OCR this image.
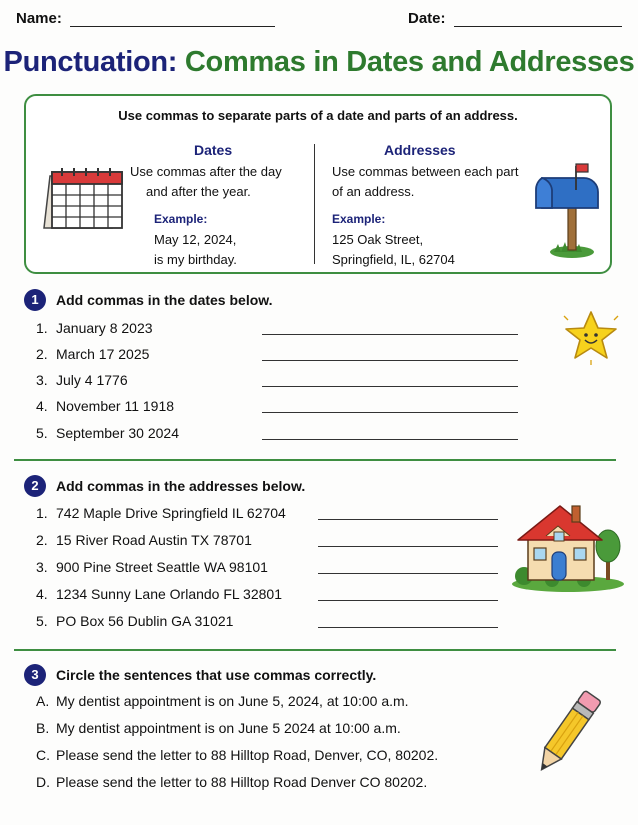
Name:	Date:
Punctuation: Commas in Dates and Addresses
Use commas to separate parts of a date and parts of an address.
Dates
Use commas after the day
and after the year.
Example:
May 12, 2024,
is my birthday.
Addresses
Use commas between each part
of an address.
Example:
125 Oak Street,
Springfield, IL, 62704
1	Add commas in the dates below.
1. January 8 2023
2. March 17 2025
3. July 4 1776
4. November 11 1918
5. September 30 2024
2	Add commas in the addresses below.
1. 742 Maple Drive Springfield IL 62704
2. 15 River Road Austin TX 78701
3. 900 Pine Street Seattle WA 98101
4. 1234 Sunny Lane Orlando FL 32801
5. PO Box 56 Dublin GA 31021
3	Circle the sentences that use commas correctly.
A. My dentist appointment is on June 5, 2024, at 10:00 a.m.
B. My dentist appointment is on June 5 2024 at 10:00 a.m.
C. Please send the letter to 88 Hilltop Road, Denver, CO, 80202.
D. Please send the letter to 88 Hilltop Road Denver CO 80202.
